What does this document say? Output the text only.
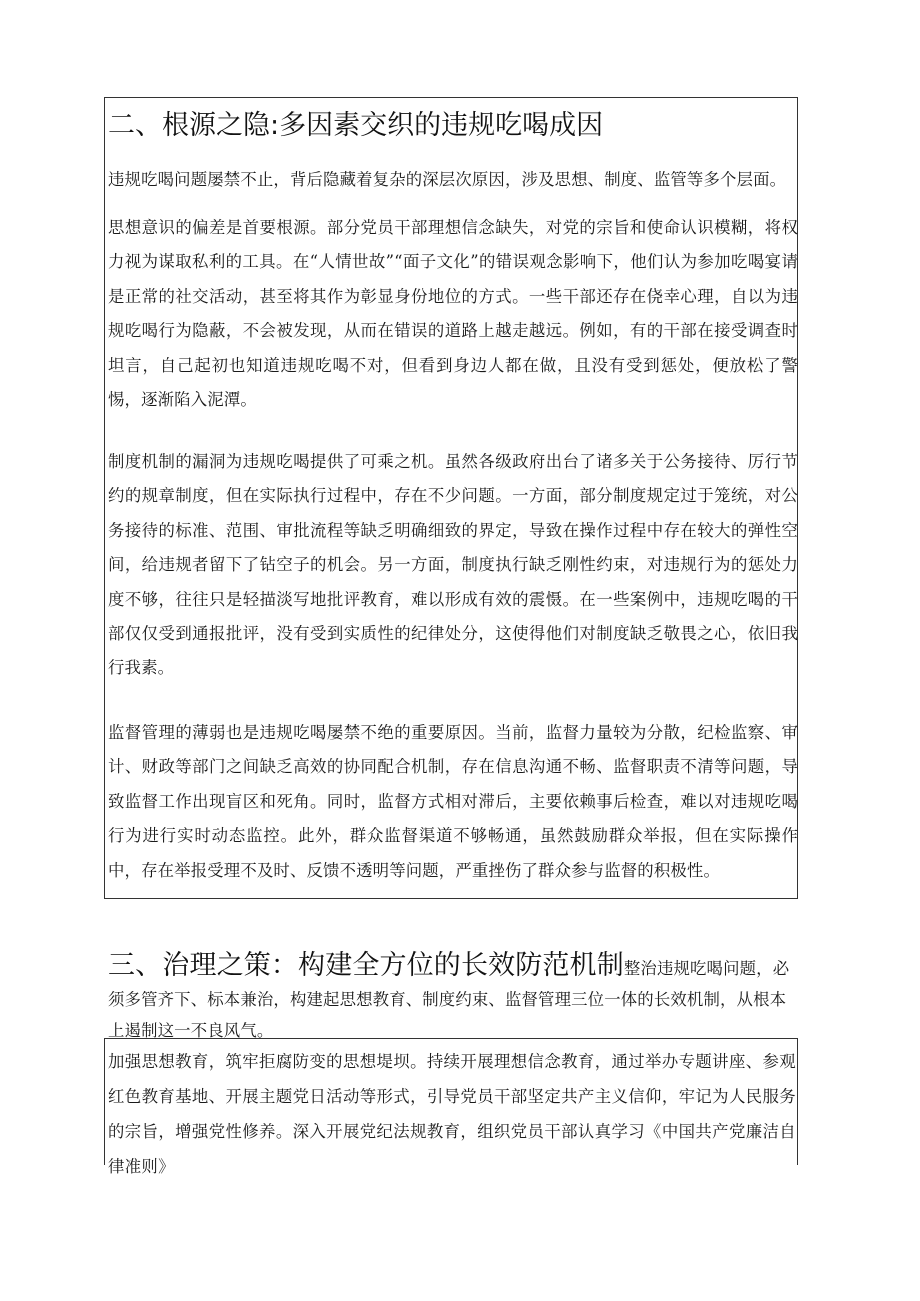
二、根源之隐:多因素交织的违规吃喝成因

违规吃喝问题屡禁不止，背后隐藏着复杂的深层次原因，涉及思想、制度、监管等多个层面。

思想意识的偏差是首要根源。部分党员干部理想信念缺失，对党的宗旨和使命认识模糊，将权力视为谋取私利的工具。在“人情世故”“面子文化”的错误观念影响下，他们认为参加吃喝宴请是正常的社交活动，甚至将其作为彰显身份地位的方式。一些干部还存在侥幸心理，自以为违规吃喝行为隐蔽，不会被发现，从而在错误的道路上越走越远。例如，有的干部在接受调查时坦言，自己起初也知道违规吃喝不对，但看到身边人都在做，且没有受到惩处，便放松了警惕，逐渐陷入泥潭。

制度机制的漏洞为违规吃喝提供了可乘之机。虽然各级政府出台了诸多关于公务接待、厉行节约的规章制度，但在实际执行过程中，存在不少问题。一方面，部分制度规定过于笼统，对公务接待的标准、范围、审批流程等缺乏明确细致的界定，导致在操作过程中存在较大的弹性空间，给违规者留下了钻空子的机会。另一方面，制度执行缺乏刚性约束，对违规行为的惩处力度不够，往往只是轻描淡写地批评教育，难以形成有效的震慑。在一些案例中，违规吃喝的干部仅仅受到通报批评，没有受到实质性的纪律处分，这使得他们对制度缺乏敬畏之心，依旧我行我素。

监督管理的薄弱也是违规吃喝屡禁不绝的重要原因。当前，监督力量较为分散，纪检监察、审计、财政等部门之间缺乏高效的协同配合机制，存在信息沟通不畅、监督职责不清等问题，导致监督工作出现盲区和死角。同时，监督方式相对滞后，主要依赖事后检查，难以对违规吃喝行为进行实时动态监控。此外，群众监督渠道不够畅通，虽然鼓励群众举报，但在实际操作中，存在举报受理不及时、反馈不透明等问题，严重挫伤了群众参与监督的积极性。

三、治理之策：构建全方位的长效防范机制整治违规吃喝问题，必须多管齐下、标本兼治，构建起思想教育、制度约束、监督管理三位一体的长效机制，从根本上遏制这一不良风气。

加强思想教育，筑牢拒腐防变的思想堤坝。持续开展理想信念教育，通过举办专题讲座、参观红色教育基地、开展主题党日活动等形式，引导党员干部坚定共产主义信仰，牢记为人民服务的宗旨，增强党性修养。深入开展党纪法规教育，组织党员干部认真学习《中国共产党廉洁自律准则》
